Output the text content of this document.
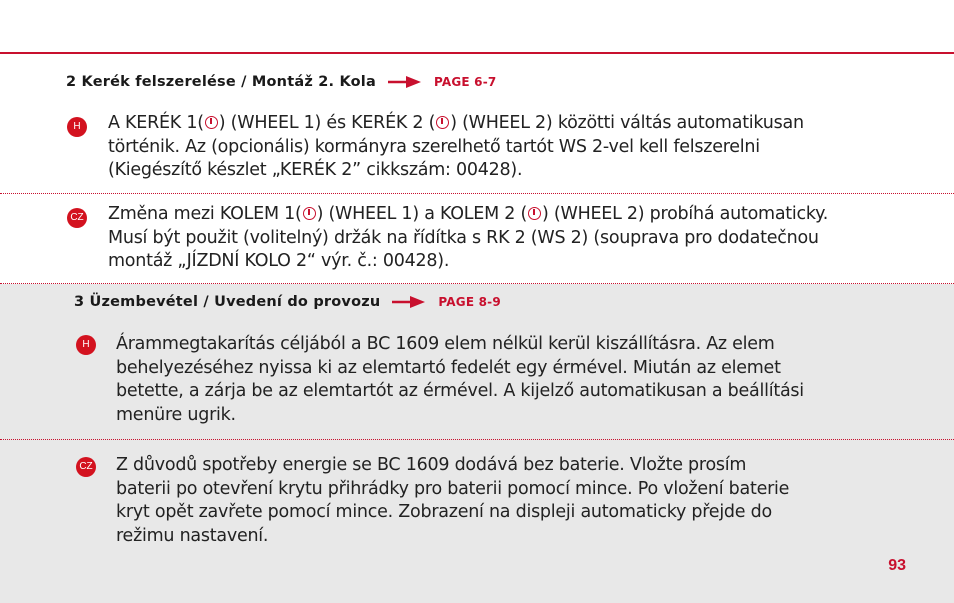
2 Kerék felszerelése / Montáž 2. Kola	PAGE 6-7
H	A KERÉK 1( ) (WHEEL 1) és KERÉK 2 ( ) (WHEEL 2) közötti váltás automatikusan
történik. Az (opcionális) kormányra szerelhető tartót WS 2-vel kell felszerelni
(Kiegészítő készlet „KERÉK 2” cikkszám: 00428).
CZ Změna mezi KOLEM 1( ) (WHEEL 1) a KOLEM 2 ( ) (WHEEL 2) probíhá automaticky.
Musí být použit (volitelný) držák na řídítka s RK 2 (WS 2) (souprava pro dodatečnou
montáž „JÍZDNÍ KOLO 2“ výr. č.: 00428).
3 Üzembevétel / Uvedení do provozu	PAGE 8-9
H	Árammegtakarítás céljából a BC 1609 elem nélkül kerül kiszállításra. Az elem
behelyezéséhez nyissa ki az elemtartó fedelét egy érmével. Miután az elemet
betette, a zárja be az elemtartót az érmével. A kijelző automatikusan a beállítási
menüre ugrik.
CZ Z důvodů spotřeby energie se BC 1609 dodává bez baterie. Vložte prosím
baterii po otevření krytu přihrádky pro baterii pomocí mince. Po vložení baterie
kryt opět zavřete pomocí mince. Zobrazení na displeji automaticky přejde do
režimu nastavení.
93
